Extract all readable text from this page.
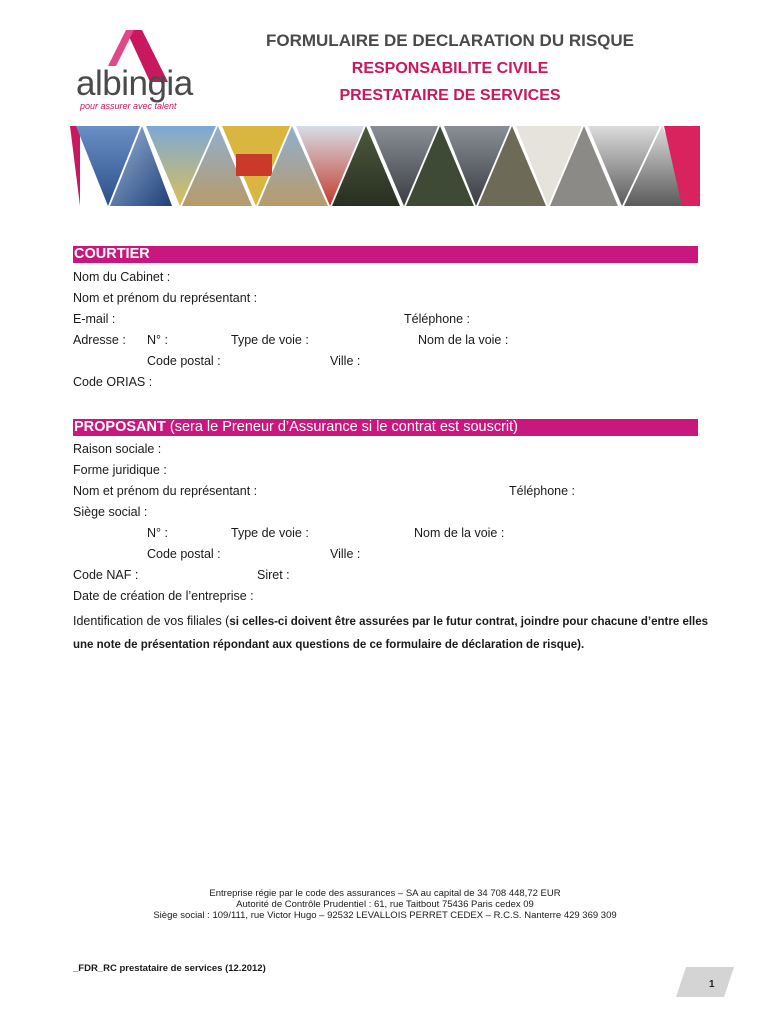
albingia
pour assurer avec talent
FORMULAIRE DE DECLARATION DU RISQUE
RESPONSABILITE CIVILE
PRESTATAIRE DE SERVICES
COURTIER
Nom du Cabinet :
Nom et prénom du représentant :
E-mail :	Téléphone :
Adresse : N° :	Type de voie :	Nom de la voie :
Code postal :	Ville :
Code ORIAS :
PROPOSANT (sera le Preneur d’Assurance si le contrat est souscrit)
Raison sociale :
Forme juridique :
Nom et prénom du représentant :	Téléphone :
Siège social :
N° :	Type de voie :	Nom de la voie :
Code postal :	Ville :
Code NAF :	Siret :
Date de création de l’entreprise :
Identification de vos filiales (si celles-ci doivent être assurées par le futur contrat, joindre pour chacune d’entre elles une note de présentation répondant aux questions de ce formulaire de déclaration de risque).
Entreprise régie par le code des assurances – SA au capital de 34 708 448,72 EUR
Autorité de Contrôle Prudentiel : 61, rue Taitbout 75436 Paris cedex 09
Siège social : 109/111, rue Victor Hugo – 92532 LEVALLOIS PERRET CEDEX – R.C.S. Nanterre 429 369 309
_FDR_RC prestataire de services (12.2012)
1
